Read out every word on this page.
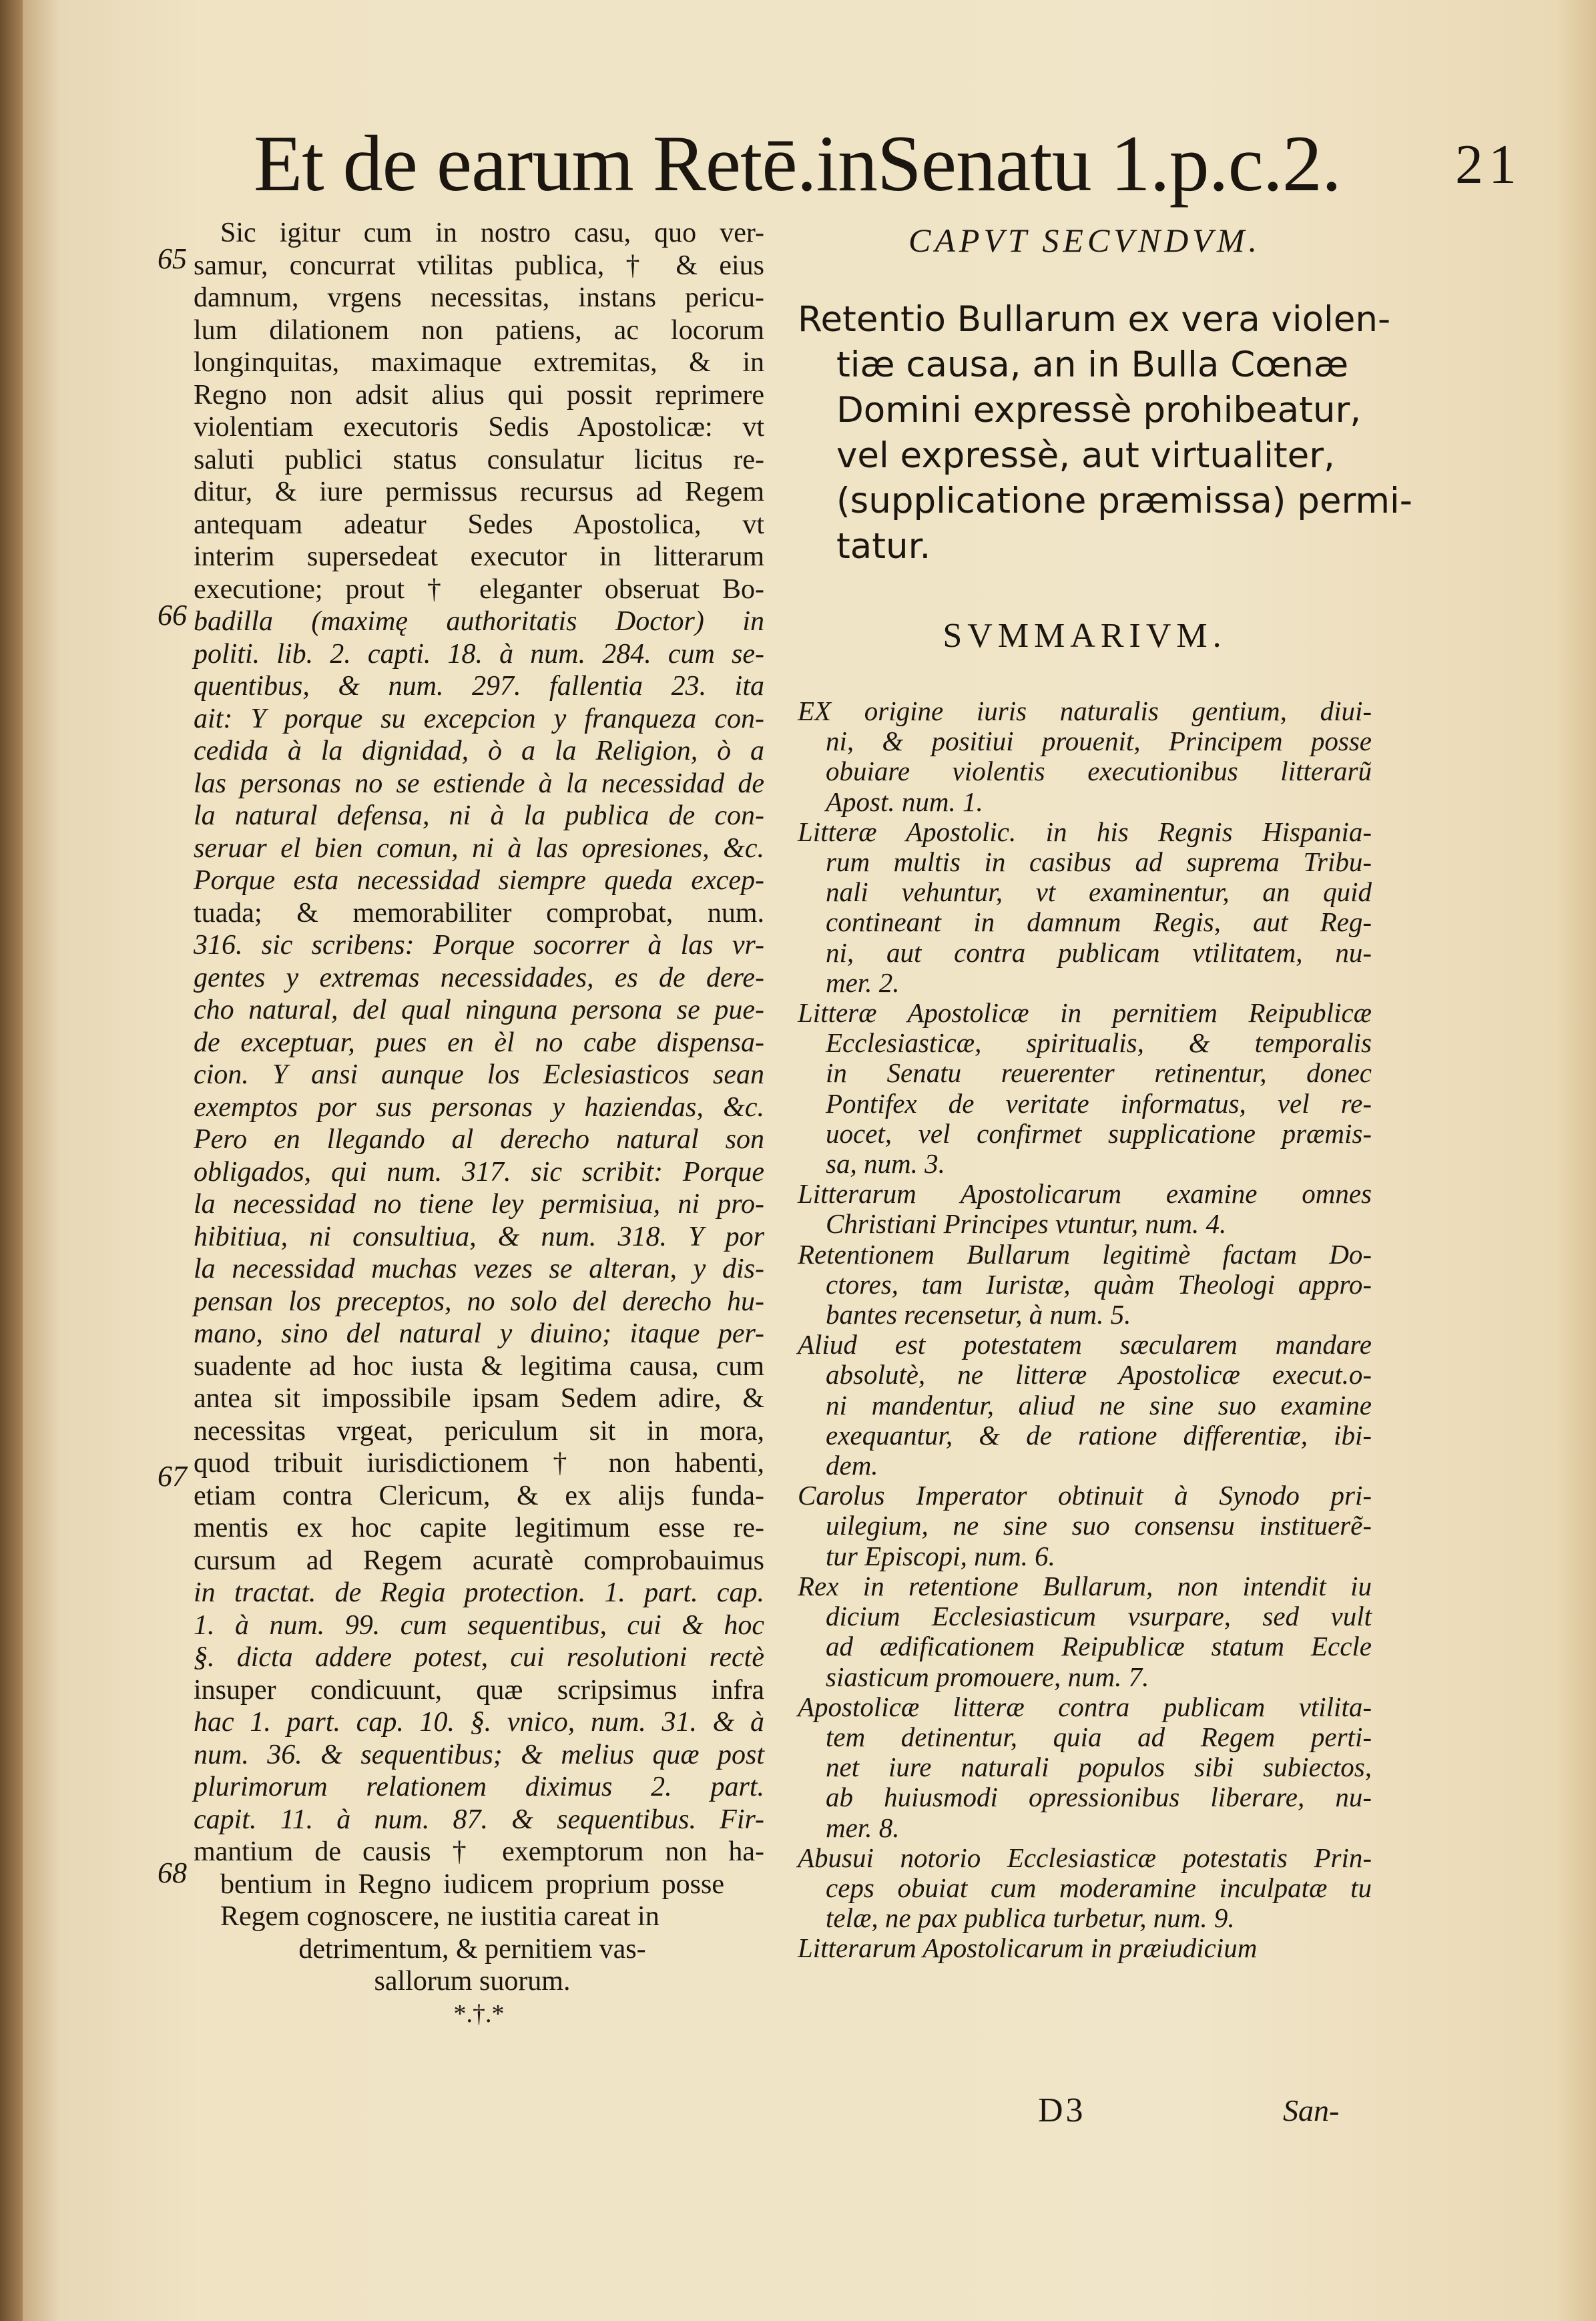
Et de earum Retē.inSenatu 1.p.c.2. 21
65
66
67
68
Sic igitur cum in nostro casu, quo ver-
samur, concurrat vtilitas publica, † & eius
damnum, vrgens necessitas, instans pericu-
lum dilationem non patiens, ac locorum
longinquitas, maximaque extremitas, & in
Regno non adsit alius qui possit reprimere
violentiam executoris Sedis Apostolicæ: vt
saluti publici status consulatur licitus re-
ditur, & iure permissus recursus ad Regem
antequam adeatur Sedes Apostolica, vt
interim supersedeat executor in litterarum
executione; prout † eleganter obseruat Bo-
badilla (maximę authoritatis Doctor) in
politi. lib. 2. capti. 18. à num. 284. cum se-
quentibus, & num. 297. fallentia 23. ita
ait: Y porque su excepcion y franqueza con-
cedida à la dignidad, ò a la Religion, ò a
las personas no se estiende à la necessidad de
la natural defensa, ni à la publica de con-
seruar el bien comun, ni à las opresiones, &c.
Porque esta necessidad siempre queda excep-
tuada; & memorabiliter comprobat, num.
316. sic scribens: Porque socorrer à las vr-
gentes y extremas necessidades, es de dere-
cho natural, del qual ninguna persona se pue-
de exceptuar, pues en èl no cabe dispensa-
cion. Y ansi aunque los Eclesiasticos sean
exemptos por sus personas y haziendas, &c.
Pero en llegando al derecho natural son
obligados, qui num. 317. sic scribit: Porque
la necessidad no tiene ley permisiua, ni pro-
hibitiua, ni consultiua, & num. 318. Y por
la necessidad muchas vezes se alteran, y dis-
pensan los preceptos, no solo del derecho hu-
mano, sino del natural y diuino; itaque per-
suadente ad hoc iusta & legitima causa, cum
antea sit impossibile ipsam Sedem adire, &
necessitas vrgeat, periculum sit in mora,
quod tribuit iurisdictionem † non habenti,
etiam contra Clericum, & ex alijs funda-
mentis ex hoc capite legitimum esse re-
cursum ad Regem acuratè comprobauimus
in tractat. de Regia protection. 1. part. cap.
1. à num. 99. cum sequentibus, cui & hoc
§. dicta addere potest, cui resolutioni rectè
insuper condicuunt, quæ scripsimus infra
hac 1. part. cap. 10. §. vnico, num. 31. & à
num. 36. & sequentibus; & melius quæ post
plurimorum relationem diximus 2. part.
capit. 11. à num. 87. & sequentibus. Fir-
mantium de causis † exemptorum non ha-
bentium in Regno iudicem proprium posse
Regem cognoscere, ne iustitia careat in
detrimentum, & pernitiem vas-
sallorum suorum.
*.†.*
CAPVT SECVNDVM.
Retentio Bullarum ex vera violen-
tiæ causa, an in Bulla Cœnæ
Domini expressè prohibeatur,
vel expressè, aut virtualiter,
(supplicatione præmissa) permi-
tatur.
SVMMARIVM.
EX origine iuris naturalis gentium, diui-
ni, & positiui prouenit, Principem posse
obuiare violentis executionibus litterarũ
Apost. num. 1.
Litteræ Apostolic. in his Regnis Hispania-
rum multis in casibus ad suprema Tribu-
nali vehuntur, vt examinentur, an quid
contineant in damnum Regis, aut Reg-
ni, aut contra publicam vtilitatem, nu-
mer. 2.
Litteræ Apostolicæ in pernitiem Reipublicæ
Ecclesiasticæ, spiritualis, & temporalis
in Senatu reuerenter retinentur, donec
Pontifex de veritate informatus, vel re-
uocet, vel confirmet supplicatione præmis-
sa, num. 3.
Litterarum Apostolicarum examine omnes
Christiani Principes vtuntur, num. 4.
Retentionem Bullarum legitimè factam Do-
ctores, tam Iuristæ, quàm Theologi appro-
bantes recensetur, à num. 5.
Aliud est potestatem sæcularem mandare
absolutè, ne litteræ Apostolicæ execut.o-
ni mandentur, aliud ne sine suo examine
exequantur, & de ratione differentiæ, ibi-
dem.
Carolus Imperator obtinuit à Synodo pri-
uilegium, ne sine suo consensu instituerẽ-
tur Episcopi, num. 6.
Rex in retentione Bullarum, non intendit iu
dicium Ecclesiasticum vsurpare, sed vult
ad ædificationem Reipublicæ statum Eccle
siasticum promouere, num. 7.
Apostolicæ litteræ contra publicam vtilita-
tem detinentur, quia ad Regem perti-
net iure naturali populos sibi subiectos,
ab huiusmodi opressionibus liberare, nu-
mer. 8.
Abusui notorio Ecclesiasticæ potestatis Prin-
ceps obuiat cum moderamine inculpatæ tu
telæ, ne pax publica turbetur, num. 9.
Litterarum Apostolicarum in præiudicium
D3	San-
